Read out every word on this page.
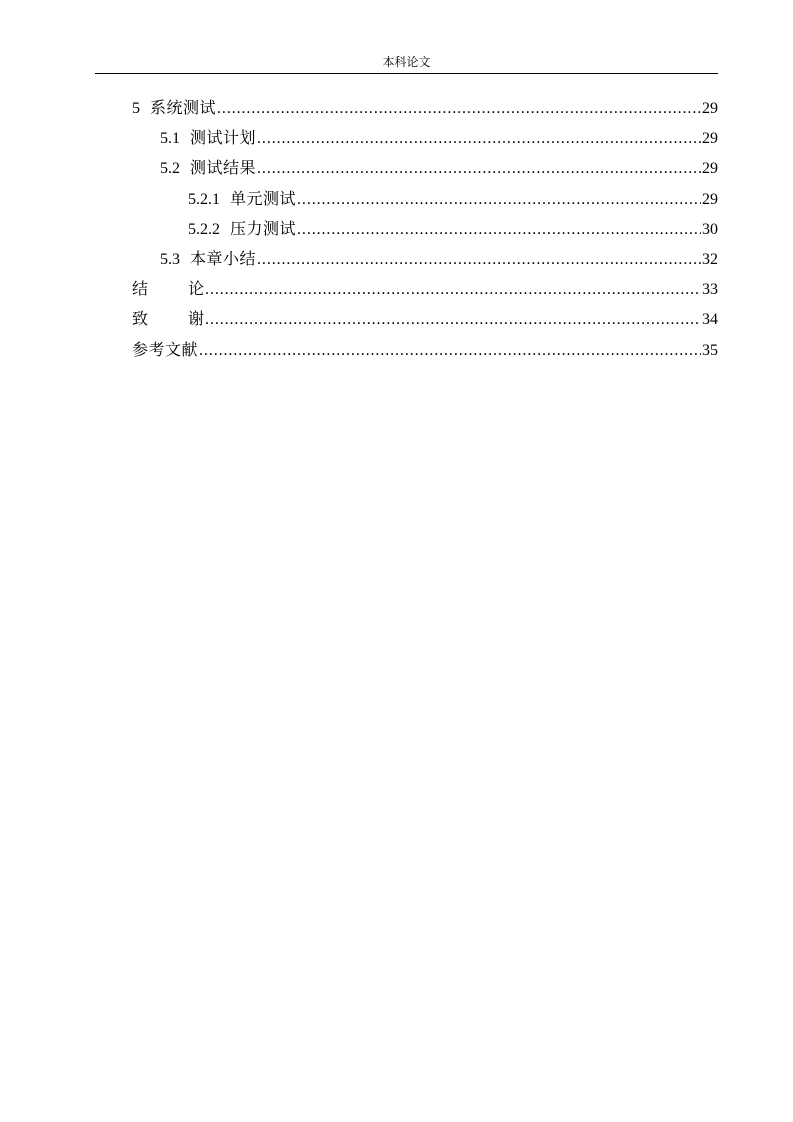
本科论文
5 系统测试 .....	29
5.1 测试计划 .....	29
5.2 测试结果 .....	29
5.2.1 单元测试 .....	29
5.2.2 压力测试 .....	30
5.3 本章小结 .....	32
结	论 .....	33
致	谢 .....	34
参考文献 .....	35
